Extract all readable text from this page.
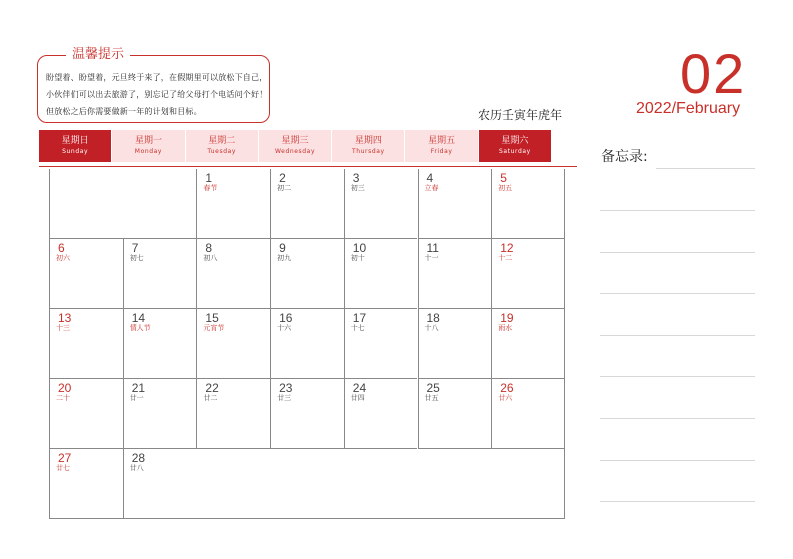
温馨提示
盼望着、盼望着，元旦终于来了，在假期里可以放松下自己，小伙伴们可以出去旅游了，别忘记了给父母打个电话问个好！但放松之后你需要做新一年的计划和目标。
02
2022/February
农历壬寅年虎年
星期日
Sunday
星期一
Monday
星期二
Tuesday
星期三
Wednesday
星期四
Thursday
星期五
Friday
星期六
Saturday
1
春节
2
初二
3
初三
4
立春
5
初五
6
初六
7
初七
8
初八
9
初九
10
初十
11
十一
12
十二
13
十三
14
情人节
15
元宵节
16
十六
17
十七
18
十八
19
雨水
20
二十
21
廿一
22
廿二
23
廿三
24
廿四
25
廿五
26
廿六
27
廿七
28
廿八
备忘录:
